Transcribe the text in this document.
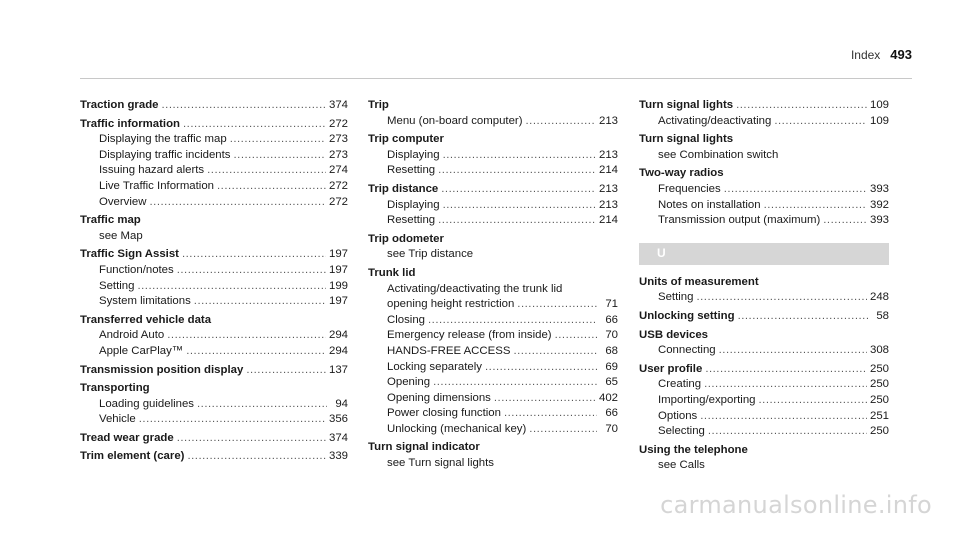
Index 493
Traction grade .....	374
Traffic information .....	272
Displaying the traffic map .....	273
Displaying traffic incidents .....	273
Issuing hazard alerts .....	274
Live Traffic Information .....	272
Overview .....	272
Traffic map
see Map
Traffic Sign Assist .....	197
Function/notes .....	197
Setting .....	199
System limitations .....	197
Transferred vehicle data
Android Auto .....	294
Apple CarPlay™ .....	294
Transmission position display .....	137
Transporting
Loading guidelines .....	94
Vehicle .....	356
Tread wear grade .....	374
Trim element (care) .....	339
Trip
Menu (on-board computer) .....	213
Trip computer
Displaying .....	213
Resetting .....	214
Trip distance .....	213
Displaying .....	213
Resetting .....	214
Trip odometer
see Trip distance
Trunk lid
Activating/deactivating the trunk lid
opening height restriction .....	71
Closing .....	66
Emergency release (from inside) .....	70
HANDS-FREE ACCESS .....	68
Locking separately .....	69
Opening .....	65
Opening dimensions .....	402
Power closing function .....	66
Unlocking (mechanical key) .....	70
Turn signal indicator
see Turn signal lights
Turn signal lights .....	109
Activating/deactivating .....	109
Turn signal lights
see Combination switch
Two-way radios
Frequencies .....	393
Notes on installation .....	392
Transmission output (maximum) .....	393
U
Units of measurement
Setting .....	248
Unlocking setting .....	58
USB devices
Connecting .....	308
User profile .....	250
Creating .....	250
Importing/exporting .....	250
Options .....	251
Selecting .....	250
Using the telephone
see Calls
carmanualsonline.info
